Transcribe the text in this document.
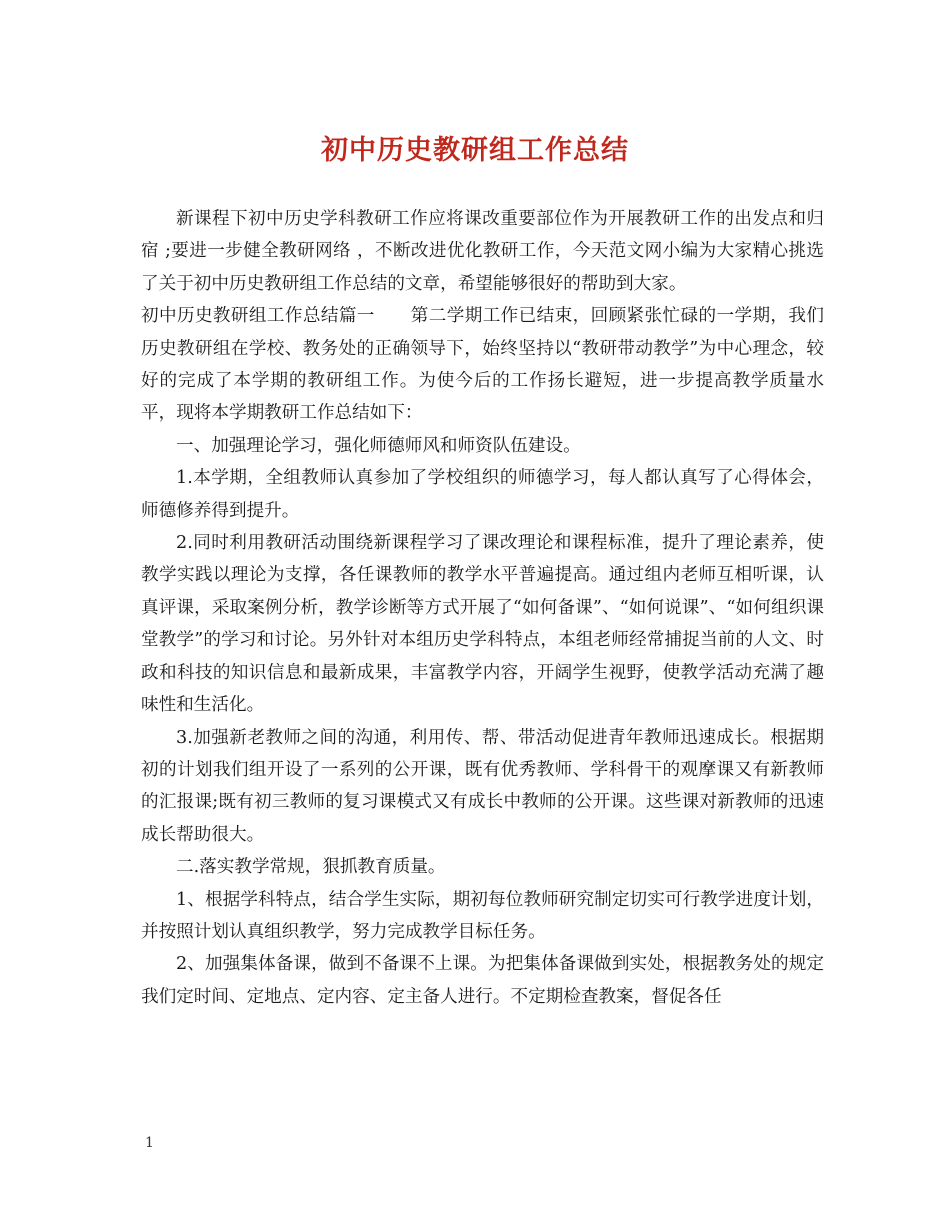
初中历史教研组工作总结

新课程下初中历史学科教研工作应将课改重要部位作为开展教研工作的出发点和归宿 ;要进一步健全教研网络 ，不断改进优化教研工作，今天范文网小编为大家精心挑选了关于初中历史教研组工作总结的文章，希望能够很好的帮助到大家。

初中历史教研组工作总结篇一　　第二学期工作已结束，回顾紧张忙碌的一学期，我们历史教研组在学校、教务处的正确领导下，始终坚持以“教研带动教学”为中心理念，较好的完成了本学期的教研组工作。为使今后的工作扬长避短，进一步提高教学质量水平，现将本学期教研工作总结如下：

一、加强理论学习，强化师德师风和师资队伍建设。

1.本学期，全组教师认真参加了学校组织的师德学习，每人都认真写了心得体会，师德修养得到提升。

2.同时利用教研活动围绕新课程学习了课改理论和课程标准，提升了理论素养，使教学实践以理论为支撑，各任课教师的教学水平普遍提高。通过组内老师互相听课，认真评课，采取案例分析，教学诊断等方式开展了“如何备课”、“如何说课”、“如何组织课堂教学”的学习和讨论。另外针对本组历史学科特点，本组老师经常捕捉当前的人文、时政和科技的知识信息和最新成果，丰富教学内容，开阔学生视野，使教学活动充满了趣味性和生活化。

3.加强新老教师之间的沟通，利用传、帮、带活动促进青年教师迅速成长。根据期初的计划我们组开设了一系列的公开课，既有优秀教师、学科骨干的观摩课又有新教师的汇报课;既有初三教师的复习课模式又有成长中教师的公开课。这些课对新教师的迅速成长帮助很大。

二.落实教学常规，狠抓教育质量。

1、根据学科特点，结合学生实际，期初每位教师研究制定切实可行教学进度计划，并按照计划认真组织教学，努力完成教学目标任务。

2、加强集体备课，做到不备课不上课。为把集体备课做到实处，根据教务处的规定我们定时间、定地点、定内容、定主备人进行。不定期检查教案，督促各任

1
